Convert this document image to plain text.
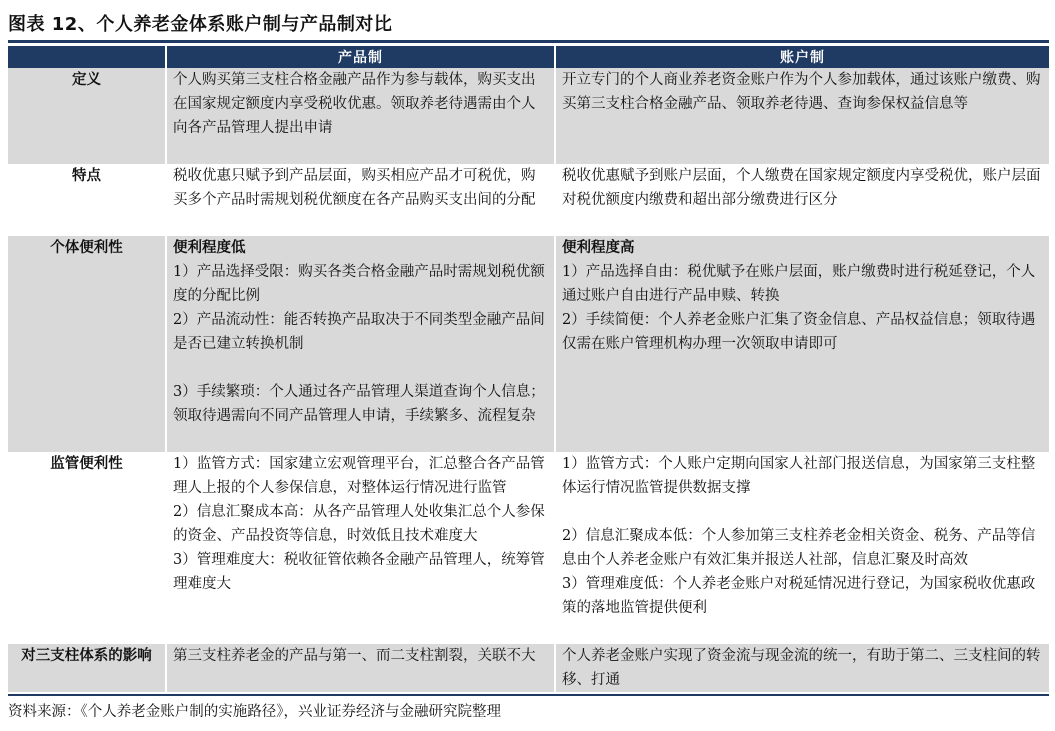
图表 12、个人养老金体系账户制与产品制对比
	产品制	账户制
定义	个人购买第三支柱合格金融产品作为参与载体，购买支出在国家规定额度内享受税收优惠。领取养老待遇需由个人向各产品管理人提出申请	开立专门的个人商业养老资金账户作为个人参加载体，通过该账户缴费、购买第三支柱合格金融产品、领取养老待遇、查询参保权益信息等

特点	税收优惠只赋予到产品层面，购买相应产品才可税优，购买多个产品时需规划税优额度在各产品购买支出间的分配	税收优惠赋予到账户层面，个人缴费在国家规定额度内享受税优，账户层面对税优额度内缴费和超出部分缴费进行区分

个体便利性	便利程度低
1）产品选择受限：购买各类合格金融产品时需规划税优额度的分配比例
2）产品流动性：能否转换产品取决于不同类型金融产品间是否已建立转换机制
3）手续繁琐：个人通过各产品管理人渠道查询个人信息；领取待遇需向不同产品管理人申请，手续繁多、流程复杂	便利程度高
1）产品选择自由：税优赋予在账户层面，账户缴费时进行税延登记，个人通过账户自由进行产品申赎、转换
2）手续简便：个人养老金账户汇集了资金信息、产品权益信息；领取待遇仅需在账户管理机构办理一次领取申请即可

监管便利性	1）监管方式：国家建立宏观管理平台，汇总整合各产品管理人上报的个人参保信息，对整体运行情况进行监管
2）信息汇聚成本高：从各产品管理人处收集汇总个人参保的资金、产品投资等信息，时效低且技术难度大
3）管理难度大：税收征管依赖各金融产品管理人，统筹管理难度大	1）监管方式：个人账户定期向国家人社部门报送信息，为国家第三支柱整体运行情况监管提供数据支撑
2）信息汇聚成本低：个人参加第三支柱养老金相关资金、税务、产品等信息由个人养老金账户有效汇集并报送人社部，信息汇聚及时高效
3）管理难度低：个人养老金账户对税延情况进行登记，为国家税收优惠政策的落地监管提供便利

对三支柱体系的影响	第三支柱养老金的产品与第一、而二支柱割裂，关联不大	个人养老金账户实现了资金流与现金流的统一，有助于第二、三支柱间的转移、打通
资料来源：《个人养老金账户制的实施路径》，兴业证券经济与金融研究院整理
